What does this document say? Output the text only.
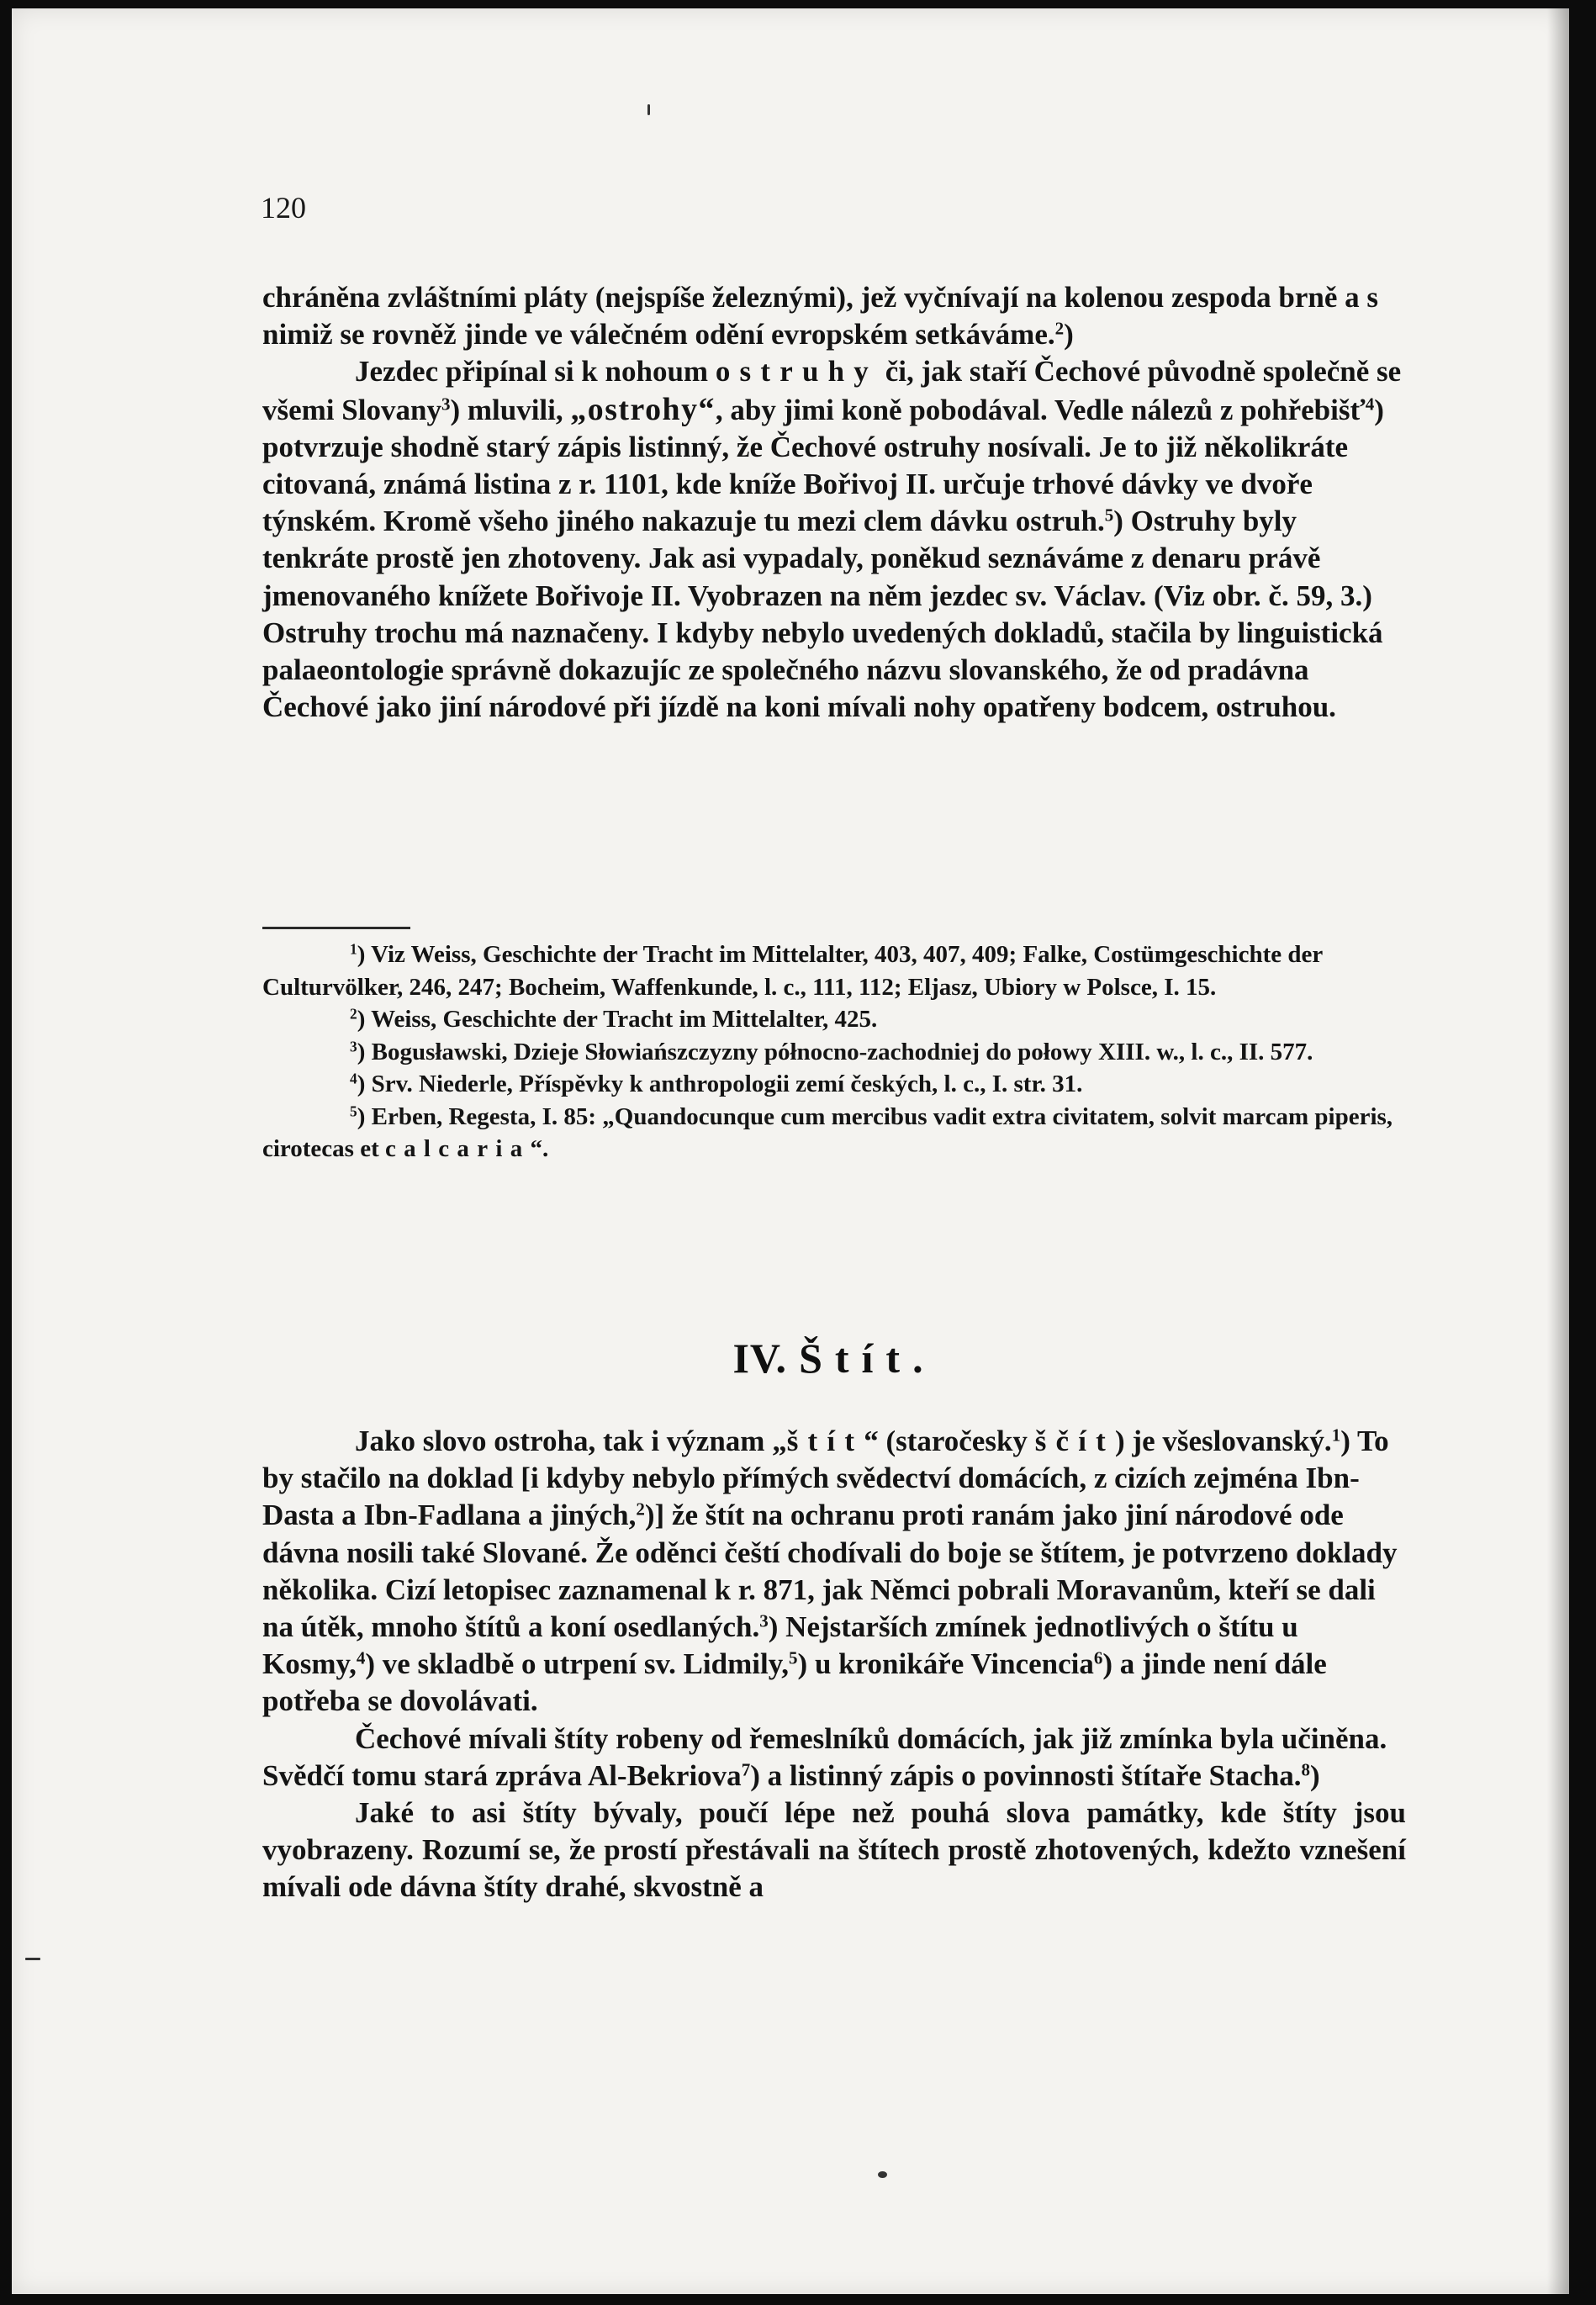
120

chráněna zvláštními pláty (nejspíše železnými), jež vyčnívají na kolenou zespoda brně a s nimiž se rovněž jinde ve válečném odění evropském setkáváme.$^2$)

Jezdec připínal si k nohoum ostruhy či, jak staří Čechové původně společně se všemi Slovany$^3$) mluvili, „ostrohy“, aby jimi koně pobodával. Vedle nálezů z pohřebišť$^4$) potvrzuje shodně starý zápis listinný, že Čechové ostruhy nosívali. Je to již několikráte citovaná, známá listina z r. 1101, kde kníže Bořivoj II. určuje trhové dávky ve dvoře týnském. Kromě všeho jiného nakazuje tu mezi clem dávku ostruh.$^5$) Ostruhy byly tenkráte prostě jen zhotoveny. Jak asi vypadaly, poněkud seznáváme z denaru právě jmenovaného knížete Bořivoje II. Vyobrazen na něm jezdec sv. Václav. (Viz obr. č. 59, 3.) Ostruhy trochu má naznačeny. I kdyby nebylo uvedených dokladů, stačila by linguistická palaeontologie správně dokazujíc ze společného názvu slovanského, že od pradávna Čechové jako jiní národové při jízdě na koni mívali nohy opatřeny bodcem, ostruhou.

$^1$) Viz Weiss, Geschichte der Tracht im Mittelalter, 403, 407, 409; Falke, Costümgeschichte der Culturvölker, 246, 247; Bocheim, Waffenkunde, l. c., 111, 112; Eljasz, Ubiory w Polsce, I. 15.

$^2$) Weiss, Geschichte der Tracht im Mittelalter, 425.

$^3$) Bogusławski, Dzieje Słowiańszczyzny północno-zachodniej do połowy XIII. w., l. c., II. 577.

$^4$) Srv. Niederle, Příspěvky k anthropologii zemí českých, l. c., I. str. 31.

$^5$) Erben, Regesta, I. 85: „Quandocunque cum mercibus vadit extra civitatem, solvit marcam piperis, cirotecas et calcaria“.

IV. Štít.

Jako slovo ostroha, tak i význam „štít“ (staročesky ščít) je všeslovanský.$^1$) To by stačilo na doklad [i kdyby nebylo přímých svědectví domácích, z cizích zejména Ibn-Dasta a Ibn-Fadlana a jiných,$^2$)] že štít na ochranu proti ranám jako jiní národové ode dávna nosili také Slované. Že oděnci čeští chodívali do boje se štítem, je potvrzeno doklady několika. Cizí letopisec zaznamenal k r. 871, jak Němci pobrali Moravanům, kteří se dali na útěk, mnoho štítů a koní osedlaných.$^3$) Nejstarších zmínek jednotlivých o štítu u Kosmy,$^4$) ve skladbě o utrpení sv. Lidmily,$^5$) u kronikáře Vincencia$^6$) a jinde není dále potřeba se dovolávati.

Čechové mívali štíty robeny od řemeslníků domácích, jak již zmínka byla učiněna. Svědčí tomu stará zpráva Al-Bekriova$^7$) a listinný zápis o povinnosti štítaře Stacha.$^8$)

Jaké to asi štíty bývaly, poučí lépe než pouhá slova památky, kde štíty jsou vyobrazeny. Rozumí se, že prostí přestávali na štítech prostě zhotovených, kdežto vznešení mívali ode dávna štíty drahé, skvostně a
